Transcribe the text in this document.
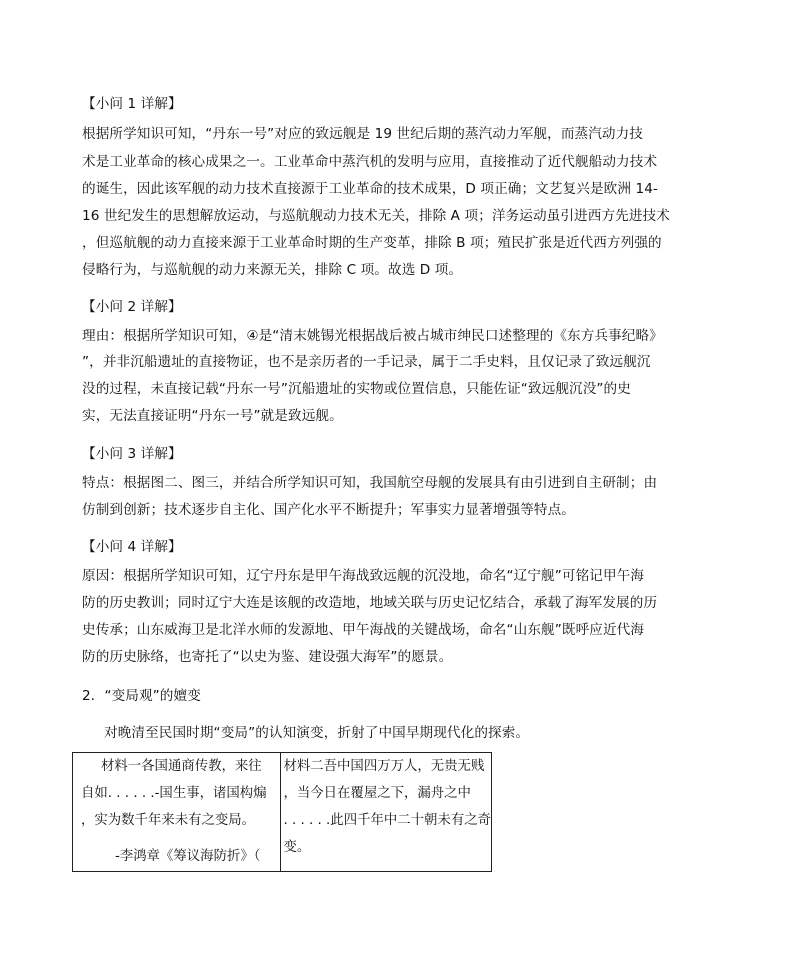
【小问 1 详解】
根据所学知识可知，“丹东一号”对应的致远舰是 19 世纪后期的蒸汽动力军舰，而蒸汽动力技
术是工业革命的核心成果之一。工业革命中蒸汽机的发明与应用，直接推动了近代舰船动力技术
的诞生，因此该军舰的动力技术直接源于工业革命的技术成果，D 项正确；文艺复兴是欧洲 14-
16 世纪发生的思想解放运动，与巡航舰动力技术无关，排除 A 项；洋务运动虽引进西方先进技术
，但巡航舰的动力直接来源于工业革命时期的生产变革，排除 B 项；殖民扩张是近代西方列强的
侵略行为，与巡航舰的动力来源无关，排除 C 项。故选 D 项。
【小问 2 详解】
理由：根据所学知识可知，④是“清末姚锡光根据战后被占城市绅民口述整理的《东方兵事纪略》
”，并非沉船遗址的直接物证，也不是亲历者的一手记录，属于二手史料，且仅记录了致远舰沉
没的过程，未直接记载“丹东一号”沉船遗址的实物或位置信息，只能佐证“致远舰沉没”的史
实，无法直接证明“丹东一号”就是致远舰。
【小问 3 详解】
特点：根据图二、图三，并结合所学知识可知，我国航空母舰的发展具有由引进到自主研制；由
仿制到创新；技术逐步自主化、国产化水平不断提升；军事实力显著增强等特点。
【小问 4 详解】
原因：根据所学知识可知，辽宁丹东是甲午海战致远舰的沉没地，命名“辽宁舰”可铭记甲午海
防的历史教训；同时辽宁大连是该舰的改造地，地域关联与历史记忆结合，承载了海军发展的历
史传承；山东威海卫是北洋水师的发源地、甲午海战的关键战场，命名“山东舰”既呼应近代海
防的历史脉络，也寄托了“以史为鉴、建设强大海军”的愿景。
2．“变局观”的嬗变
对晚清至民国时期“变局”的认知演变，折射了中国早期现代化的探索。
材料一各国通商传教，来往
自如. . . . . .-国生事，诸国构煽
，实为数千年来未有之变局。
-李鸿章《筹议海防折》（

材料二吾中国四万万人，无贵无贱
，当今日在覆屋之下，漏舟之中
. . . . . .此四千年中二十朝未有之奇
变。
